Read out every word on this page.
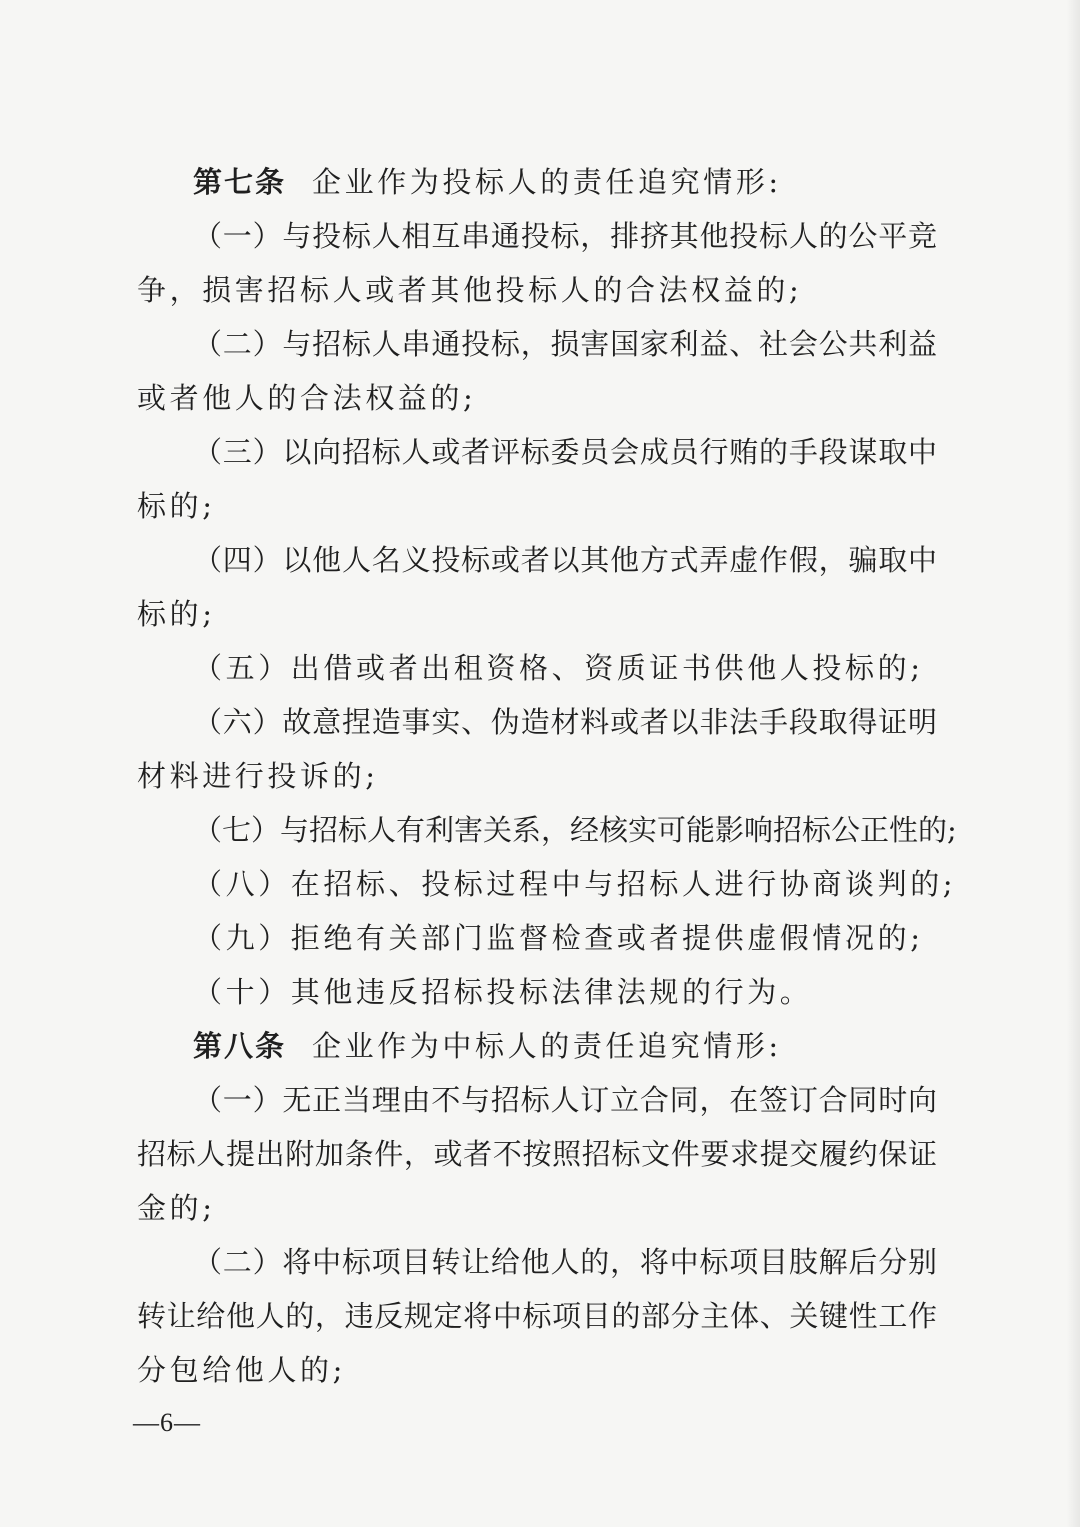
第七条 企业作为投标人的责任追究情形:
（一）与投标人相互串通投标，排挤其他投标人的公平竞
争，损害招标人或者其他投标人的合法权益的;
（二）与招标人串通投标，损害国家利益、社会公共利益
或者他人的合法权益的;
（三）以向招标人或者评标委员会成员行贿的手段谋取中
标的;
（四）以他人名义投标或者以其他方式弄虚作假，骗取中
标的;
（五）出借或者出租资格、资质证书供他人投标的;
（六）故意捏造事实、伪造材料或者以非法手段取得证明
材料进行投诉的;
（七）与招标人有利害关系，经核实可能影响招标公正性的;
（八）在招标、投标过程中与招标人进行协商谈判的;
（九）拒绝有关部门监督检查或者提供虚假情况的;
（十）其他违反招标投标法律法规的行为。
第八条 企业作为中标人的责任追究情形:
（一）无正当理由不与招标人订立合同，在签订合同时向
招标人提出附加条件，或者不按照招标文件要求提交履约保证
金的;
（二）将中标项目转让给他人的，将中标项目肢解后分别
转让给他人的，违反规定将中标项目的部分主体、关键性工作
分包给他人的;
—6—
